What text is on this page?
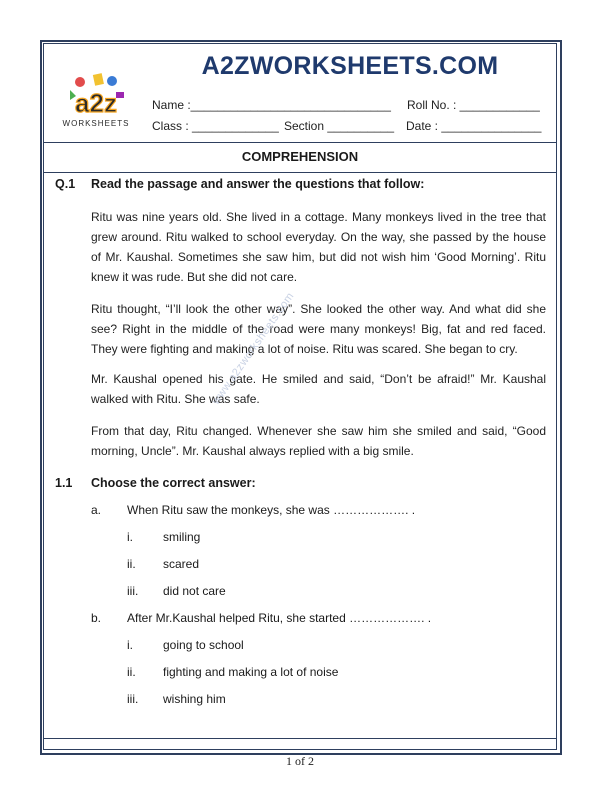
A2ZWORKSHEETS.COM
a2z
WORKSHEETS
Name :______________________________ Roll No. : ____________
Class : _____________ Section __________ Date : _______________
COMPREHENSION
Q.1 Read the passage and answer the questions that follow:

Ritu was nine years old. She lived in a cottage. Many monkeys lived in the tree that grew around. Ritu walked to school everyday. On the way, she passed by the house of Mr. Kaushal. Sometimes she saw him, but did not wish him ‘Good Morning’. Ritu knew it was rude. But she did not care.

Ritu thought, “I’ll look the other way”. She looked the other way. And what did she see? Right in the middle of the road were many monkeys! Big, fat and red faced. They were fighting and making a lot of noise. Ritu was scared. She began to cry.

Mr. Kaushal opened his gate. He smiled and said, “Don’t be afraid!” Mr. Kaushal walked with Ritu. She was safe.

From that day, Ritu changed. Whenever she saw him she smiled and said, “Good morning, Uncle”. Mr. Kaushal always replied with a big smile.

www.a2zworksheets.com
1.1 Choose the correct answer:
a. When Ritu saw the monkeys, she was ………………. .
i.	smiling
ii. scared
iii. did not care
b. After Mr.Kaushal helped Ritu, she started ………………. .
i.	going to school
ii. fighting and making a lot of noise
iii. wishing him
1 of 2
